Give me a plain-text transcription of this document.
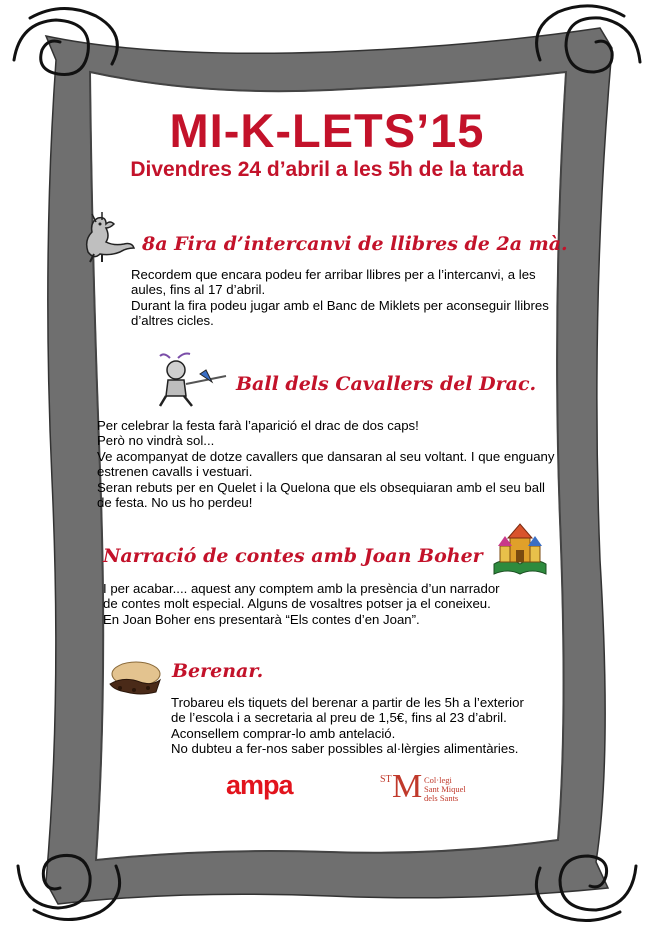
MI-K-LETS’15
Divendres 24 d’abril a les 5h de la tarda
8a Fira d’intercanvi de llibres de 2a mà.
Recordem que encara podeu fer arribar llibres per a l’intercanvi, a les
aules, fins al 17 d’abril.
Durant la fira podeu jugar amb el Banc de Miklets per aconseguir llibres
d’altres cicles.
Ball dels Cavallers del Drac.
Per celebrar la festa farà l’aparició el drac de dos caps!
Però no vindrà sol...
Ve acompanyat de dotze cavallers que dansaran al seu voltant. I que enguany
estrenen cavalls i vestuari.
Seran rebuts per en Quelet i la Quelona que els obsequiaran amb el seu ball
de festa. No us ho perdeu!
Narració de contes amb Joan Boher
I per acabar.... aquest any comptem amb la presència d’un narrador
de contes molt especial. Alguns de vosaltres potser ja el coneixeu.
En Joan Boher ens presentarà “Els contes d’en Joan”.
Berenar.
Trobareu els tiquets del berenar a partir de les 5h a l’exterior
de l’escola i a secretaria al preu de 1,5€, fins al 23 d’abril.
Aconsellem comprar-lo amb antelació.
No dubteu a fer-nos saber possibles al·lèrgies alimentàries.
ampa	ST M Col·legi
Sant Miquel
dels Sants
